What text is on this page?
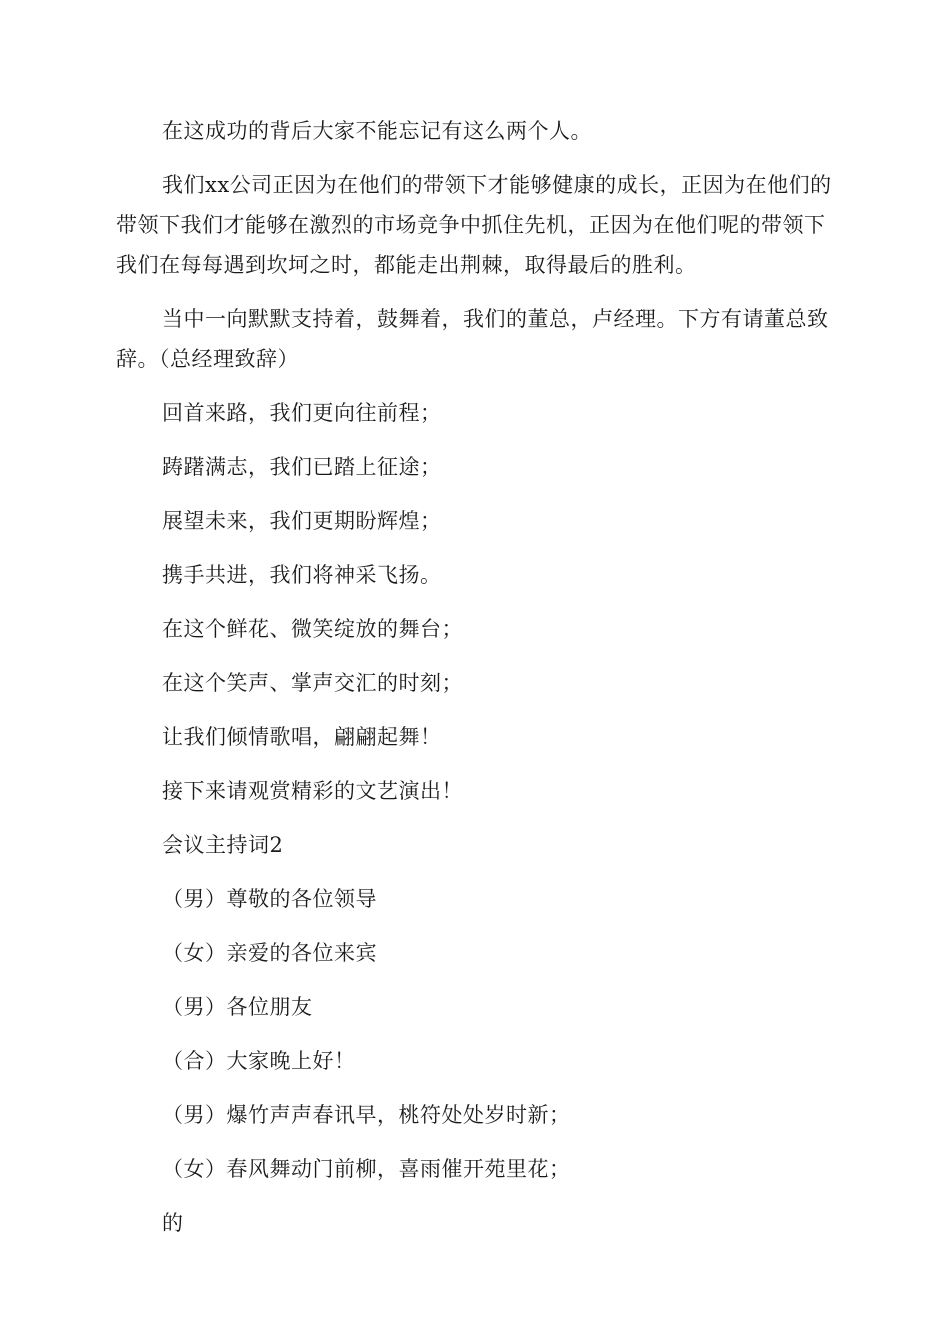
在这成功的背后大家不能忘记有这么两个人。

我们xx公司正因为在他们的带领下才能够健康的成长，正因为在他们的带领下我们才能够在激烈的市场竞争中抓住先机，正因为在他们呢的带领下我们在每每遇到坎坷之时，都能走出荆棘，取得最后的胜利。

当中一向默默支持着，鼓舞着，我们的董总，卢经理。下方有请董总致辞。（总经理致辞）

回首来路，我们更向往前程；

踌躇满志，我们已踏上征途；

展望未来，我们更期盼辉煌；

携手共进，我们将神采飞扬。

在这个鲜花、微笑绽放的舞台；

在这个笑声、掌声交汇的时刻；

让我们倾情歌唱，翩翩起舞！

接下来请观赏精彩的文艺演出！

会议主持词2

（男）尊敬的各位领导

（女）亲爱的各位来宾

（男）各位朋友

（合）大家晚上好！

（男）爆竹声声春讯早，桃符处处岁时新；

（女）春风舞动门前柳，喜雨催开苑里花；

的
